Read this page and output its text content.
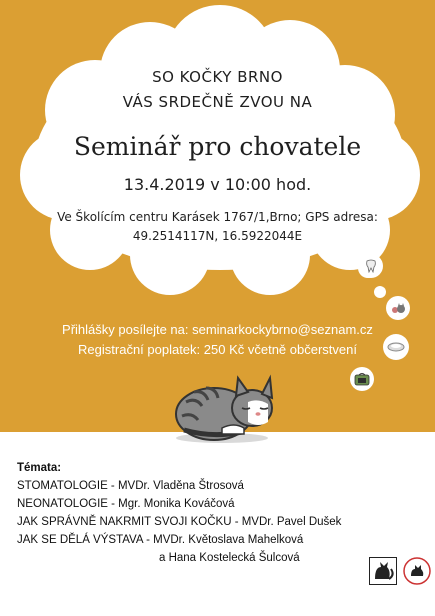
SO KOČKY BRNO
VÁS SRDEČNĚ ZVOU NA
Seminář pro chovatele
13.4.2019 v 10:00 hod.
Ve Školícím centru Karásek 1767/1,Brno; GPS adresa:
49.2514117N, 16.5922044E
Přihlášky posílejte na: seminarkockybrno@seznam.cz
Registrační poplatek: 250 Kč včetně občerstvení
Témata:
STOMATOLOGIE - MVDr. Vladěna Štrosová
NEONATOLOGIE - Mgr. Monika Kováčová
JAK SPRÁVNĚ NAKRMIT SVOJI KOČKU - MVDr. Pavel Dušek
JAK SE DĚLÁ VÝSTAVA - MVDr. Květoslava Mahelková
a Hana Kostelecká Šulcová
